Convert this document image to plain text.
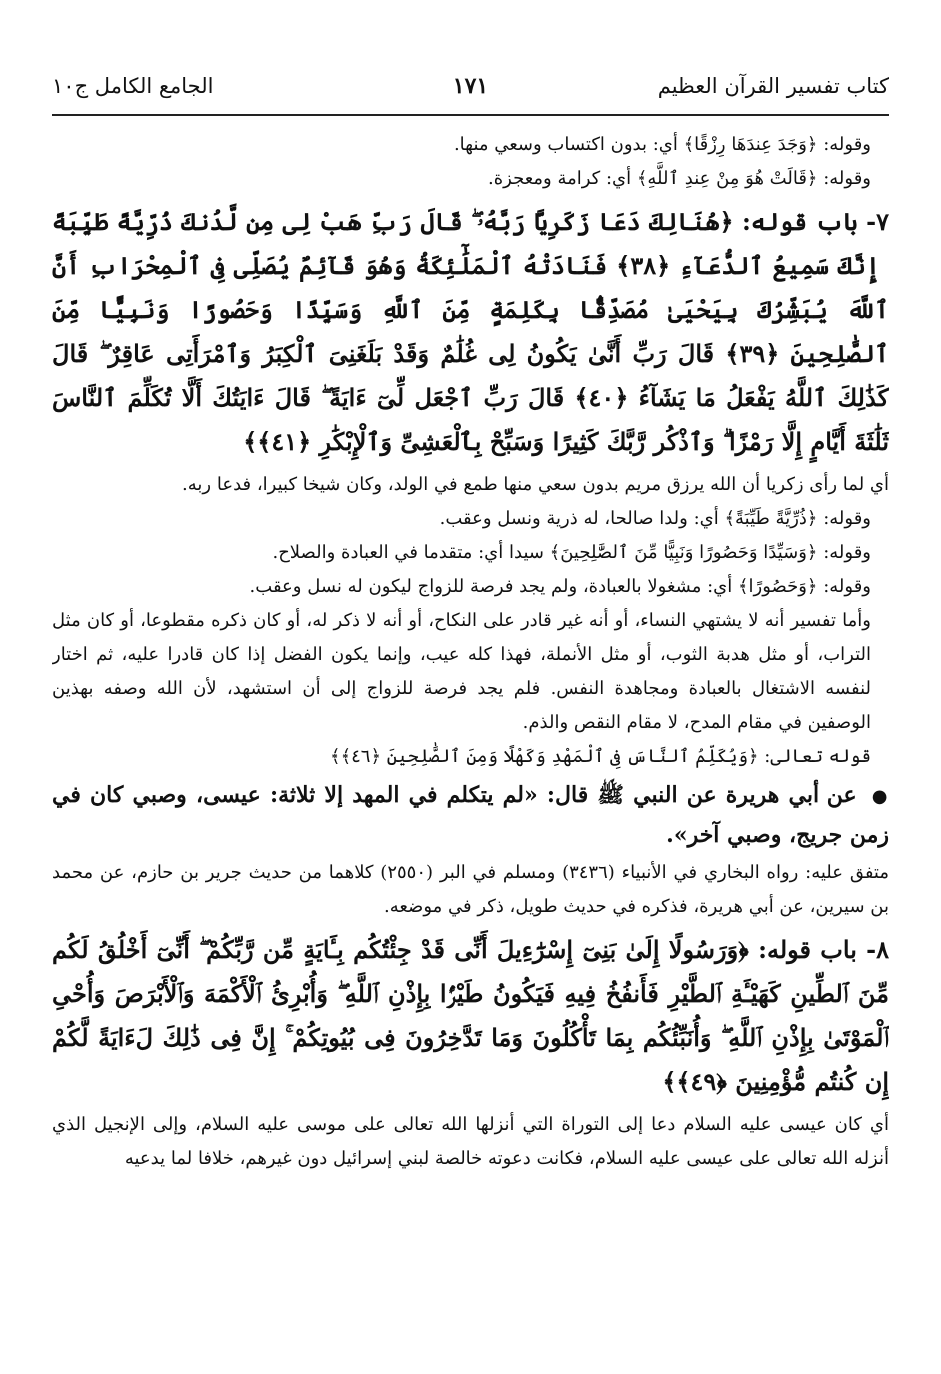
كتاب تفسير القرآن العظيم
١٧١
الجامع الكامل ج١٠

وقوله: ﴿وَجَدَ عِندَهَا رِزْقًا﴾ أي: بدون اكتساب وسعي منها.

وقوله: ﴿قَالَتْ هُوَ مِنْ عِندِ ٱللَّهِ﴾ أي: كرامة ومعجزة.

٧- باب قوله: ﴿هُنَالِكَ دَعَا زَكَرِيَّا رَبَّهُۥ ۖ قَالَ رَبِّ هَبْ لِى مِن لَّدُنكَ ذُرِّيَّةً طَيِّبَةً ۖ إِنَّكَ سَمِيعُ ٱلدُّعَآءِ ﴿٣٨﴾ فَنَادَتْهُ ٱلْمَلَٰٓئِكَةُ وَهُوَ قَآئِمٌ يُصَلِّى فِى ٱلْمِحْرَابِ أَنَّ ٱللَّهَ يُبَشِّرُكَ بِيَحْيَىٰ مُصَدِّقًۢا بِكَلِمَةٍ مِّنَ ٱللَّهِ وَسَيِّدًا وَحَصُورًا وَنَبِيًّا مِّنَ ٱلصَّٰلِحِينَ ﴿٣٩﴾ قَالَ رَبِّ أَنَّىٰ يَكُونُ لِى غُلَٰمٌ وَقَدْ بَلَغَنِىَ ٱلْكِبَرُ وَٱمْرَأَتِى عَاقِرٌ ۖ قَالَ كَذَٰلِكَ ٱللَّهُ يَفْعَلُ مَا يَشَآءُ ﴿٤٠﴾ قَالَ رَبِّ ٱجْعَل لِّىٓ ءَايَةً ۖ قَالَ ءَايَتُكَ أَلَّا تُكَلِّمَ ٱلنَّاسَ ثَلَٰثَةَ أَيَّامٍ إِلَّا رَمْزًا ۗ وَٱذْكُر رَّبَّكَ كَثِيرًا وَسَبِّحْ بِٱلْعَشِىِّ وَٱلْإِبْكَٰرِ ﴿٤١﴾﴾

أي لما رأى زكريا أن الله يرزق مريم بدون سعي منها طمع في الولد، وكان شيخا كبيرا، فدعا ربه.

وقوله: ﴿ذُرِّيَّةً طَيِّبَةً﴾ أي: ولدا صالحا، له ذرية ونسل وعقب.

وقوله: ﴿وَسَيِّدًا وَحَصُورًا وَنَبِيًّا مِّنَ ٱلصَّٰلِحِينَ﴾ سيدا أي: متقدما في العبادة والصلاح.

وقوله: ﴿وَحَصُورًا﴾ أي: مشغولا بالعبادة، ولم يجد فرصة للزواج ليكون له نسل وعقب.

وأما تفسير أنه لا يشتهي النساء، أو أنه غير قادر على النكاح، أو أنه لا ذكر له، أو كان ذكره مقطوعا، أو كان مثل التراب، أو مثل هدبة الثوب، أو مثل الأنملة، فهذا كله عيب، وإنما يكون الفضل إذا كان قادرا عليه، ثم اختار لنفسه الاشتغال بالعبادة ومجاهدة النفس. فلم يجد فرصة للزواج إلى أن استشهد، لأن الله وصفه بهذين الوصفين في مقام المدح، لا مقام النقص والذم.

قوله تعالى: ﴿وَيُكَلِّمُ ٱلنَّاسَ فِى ٱلْمَهْدِ وَكَهْلًا وَمِنَ ٱلصَّٰلِحِينَ ﴿٤٦﴾﴾

● عن أبي هريرة عن النبي ﷺ قال: «لم يتكلم في المهد إلا ثلاثة: عيسى، وصبي كان في زمن جريج، وصبي آخر».

متفق عليه: رواه البخاري في الأنبياء (٣٤٣٦) ومسلم في البر (٢٥٥٠) كلاهما من حديث جرير بن حازم، عن محمد بن سيرين، عن أبي هريرة، فذكره في حديث طويل، ذكر في موضعه.

٨- باب قوله: ﴿وَرَسُولًا إِلَىٰ بَنِىٓ إِسْرَٰٓءِيلَ أَنِّى قَدْ جِئْتُكُم بِـَٔايَةٍ مِّن رَّبِّكُمْ ۖ أَنِّىٓ أَخْلُقُ لَكُم مِّنَ ٱلطِّينِ كَهَيْـَٔةِ ٱلطَّيْرِ فَأَنفُخُ فِيهِ فَيَكُونُ طَيْرًۢا بِإِذْنِ ٱللَّهِ ۖ وَأُبْرِئُ ٱلْأَكْمَهَ وَٱلْأَبْرَصَ وَأُحْىِ ٱلْمَوْتَىٰ بِإِذْنِ ٱللَّهِ ۖ وَأُنَبِّئُكُم بِمَا تَأْكُلُونَ وَمَا تَدَّخِرُونَ فِى بُيُوتِكُمْ ۚ إِنَّ فِى ذَٰلِكَ لَءَايَةً لَّكُمْ إِن كُنتُم مُّؤْمِنِينَ ﴿٤٩﴾﴾

أي كان عيسى عليه السلام دعا إلى التوراة التي أنزلها الله تعالى على موسى عليه السلام، وإلى الإنجيل الذي أنزله الله تعالى على عيسى عليه السلام، فكانت دعوته خالصة لبني إسرائيل دون غيرهم، خلافا لما يدعيه
